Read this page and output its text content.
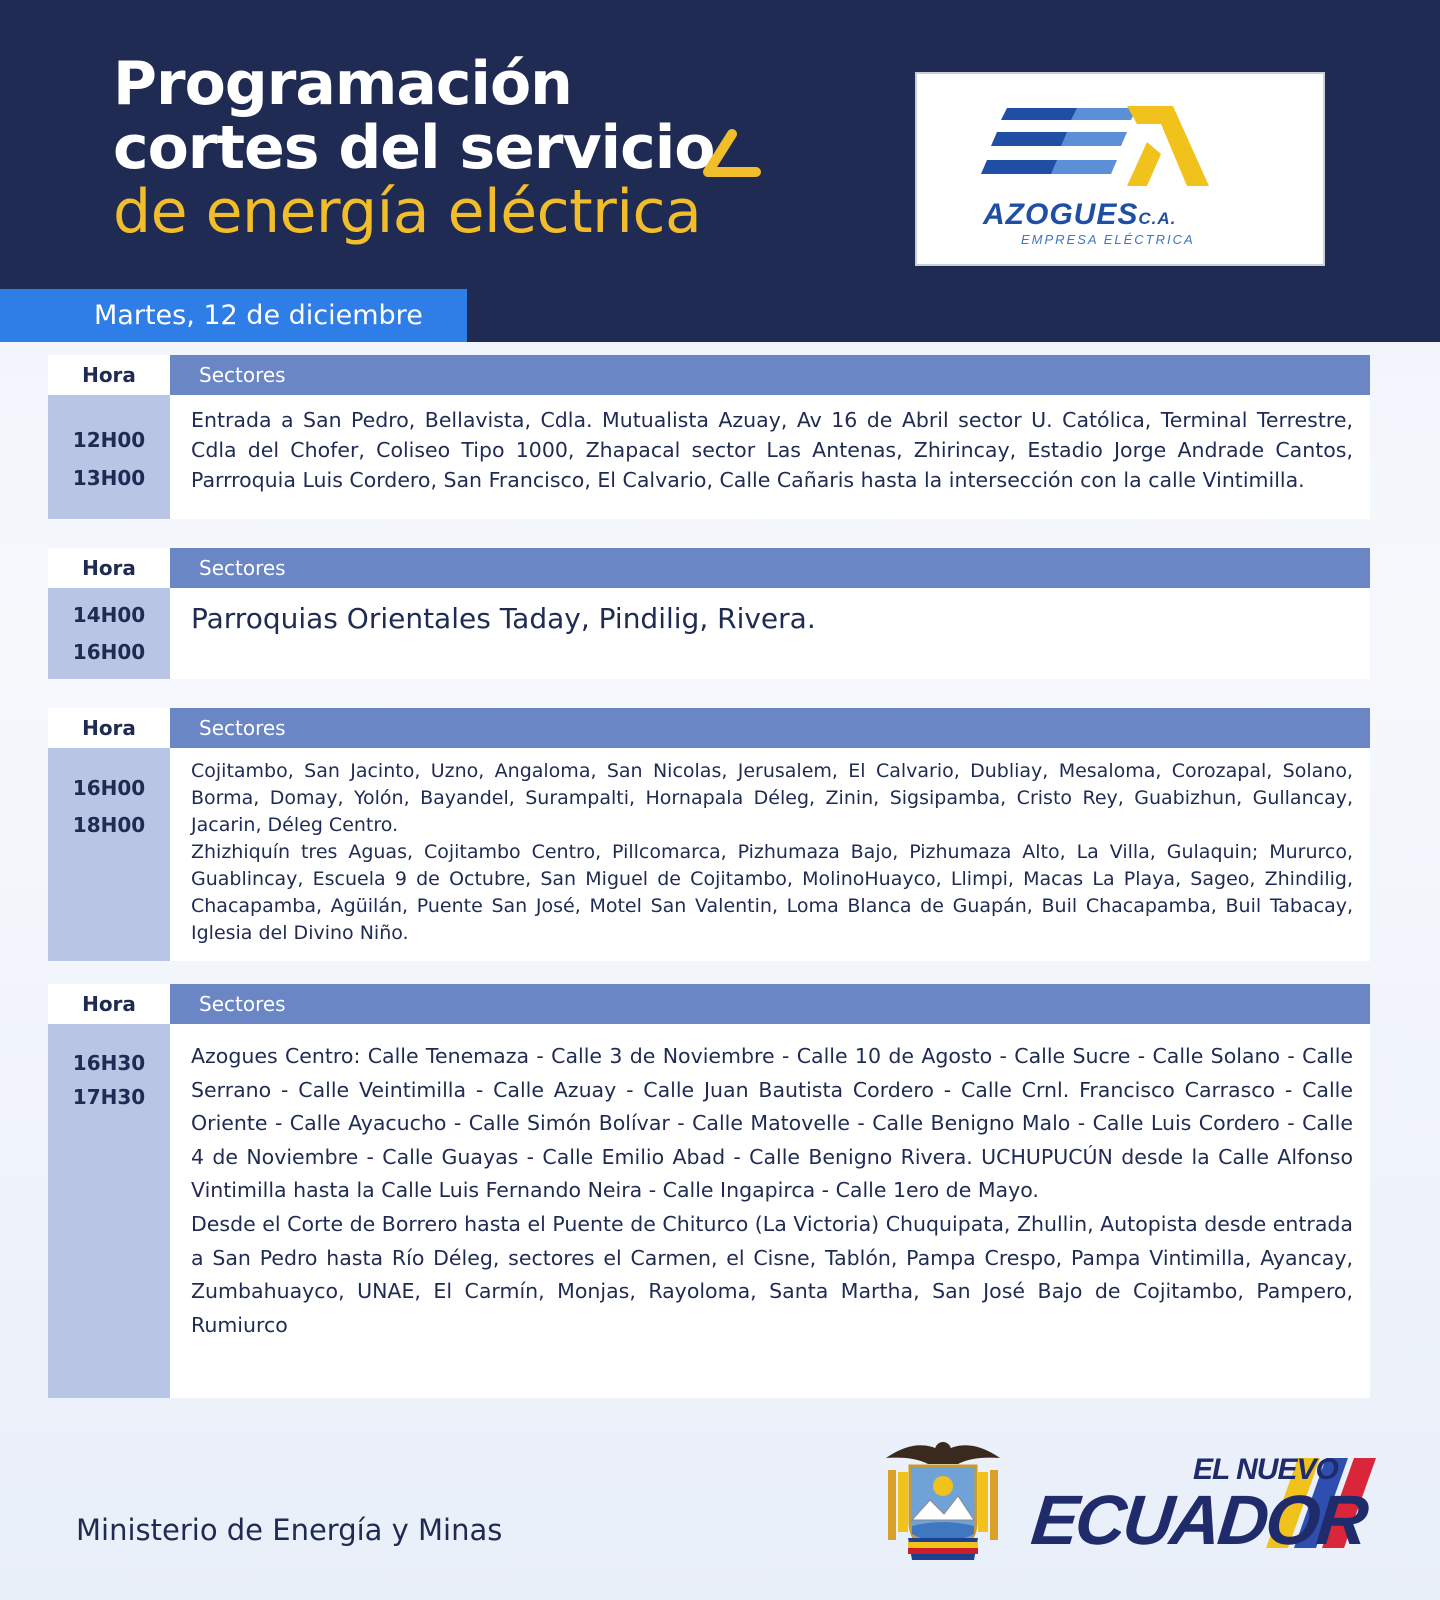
Programación
cortes del servicio
de energía eléctrica	AZOGUESC.A.
EMPRESA ELÉCTRICA
Martes, 12 de diciembre
Hora	Sectores
12H00
13H00

Entrada a San Pedro, Bellavista, Cdla. Mutualista Azuay, Av 16 de Abril sector U. Católica, Terminal Terrestre, Cdla del Chofer, Coliseo Tipo 1000, Zhapacal sector Las Antenas, Zhirincay, Estadio Jorge Andrade Cantos, Parrroquia Luis Cordero, San Francisco, El Calvario, Calle Cañaris hasta la intersección con la calle Vintimilla.

Hora	Sectores
14H00
16H00

Parroquias Orientales Taday, Pindilig, Rivera.

Hora	Sectores
16H00
18H00

Cojitambo, San Jacinto, Uzno, Angaloma, San Nicolas, Jerusalem, El Calvario, Dubliay, Mesaloma, Corozapal, Solano, Borma, Domay, Yolón, Bayandel, Surampalti, Hornapala Déleg, Zinin, Sigsipamba, Cristo Rey, Guabizhun, Gullancay, Jacarin, Déleg Centro.

Zhizhiquín tres Aguas, Cojitambo Centro, Pillcomarca, Pizhumaza Bajo, Pizhumaza Alto, La Villa, Gulaquin; Mururco, Guablincay, Escuela 9 de Octubre, San Miguel de Cojitambo, MolinoHuayco, Llimpi, Macas La Playa, Sageo, Zhindilig, Chacapamba, Agüilán, Puente San José, Motel San Valentin, Loma Blanca de Guapán, Buil Chacapamba, Buil Tabacay, Iglesia del Divino Niño.

Hora	Sectores
16H30
17H30

Azogues Centro: Calle Tenemaza - Calle 3 de Noviembre - Calle 10 de Agosto - Calle Sucre - Calle Solano - Calle Serrano - Calle Veintimilla - Calle Azuay - Calle Juan Bautista Cordero - Calle Crnl. Francisco Carrasco - Calle Oriente - Calle Ayacucho - Calle Simón Bolívar - Calle Matovelle - Calle Benigno Malo - Calle Luis Cordero - Calle 4 de Noviembre - Calle Guayas - Calle Emilio Abad - Calle Benigno Rivera. UCHUPUCÚN desde la Calle Alfonso Vintimilla hasta la Calle Luis Fernando Neira - Calle Ingapirca - Calle 1ero de Mayo.

Desde el Corte de Borrero hasta el Puente de Chiturco (La Victoria) Chuquipata, Zhullin, Autopista desde entrada a San Pedro hasta Río Déleg, sectores el Carmen, el Cisne, Tablón, Pampa Crespo, Pampa Vintimilla, Ayancay, Zumbahuayco, UNAE, El Carmín, Monjas, Rayoloma, Santa Martha, San José Bajo de Cojitambo, Pampero, Rumiurco

Ministerio de Energía y Minas
EL NUEVO
ECUADOR
